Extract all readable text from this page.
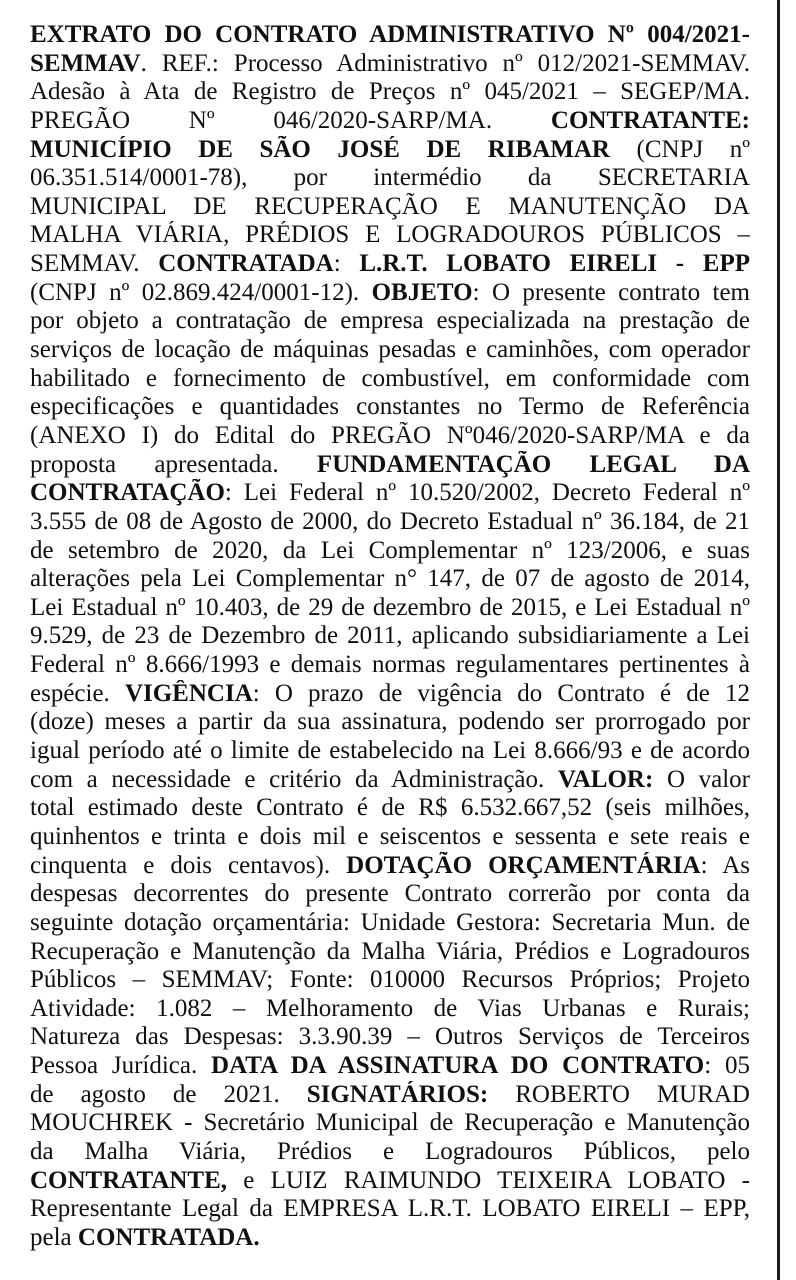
EXTRATO DO CONTRATO ADMINISTRATIVO Nº 004/2021-
SEMMAV. REF.: Processo Administrativo nº 012/2021-SEMMAV.
Adesão à Ata de Registro de Preços nº 045/2021 – SEGEP/MA.
PREGÃO Nº 046/2020-SARP/MA. CONTRATANTE:
MUNICÍPIO DE SÃO JOSÉ DE RIBAMAR (CNPJ nº
06.351.514/0001-78), por intermédio da SECRETARIA
MUNICIPAL DE RECUPERAÇÃO E MANUTENÇÃO DA
MALHA VIÁRIA, PRÉDIOS E LOGRADOUROS PÚBLICOS –
SEMMAV. CONTRATADA: L.R.T. LOBATO EIRELI - EPP
(CNPJ nº 02.869.424/0001-12). OBJETO: O presente contrato tem
por objeto a contratação de empresa especializada na prestação de
serviços de locação de máquinas pesadas e caminhões, com operador
habilitado e fornecimento de combustível, em conformidade com
especificações e quantidades constantes no Termo de Referência
(ANEXO I) do Edital do PREGÃO Nº046/2020-SARP/MA e da
proposta apresentada. FUNDAMENTAÇÃO LEGAL DA
CONTRATAÇÃO: Lei Federal nº 10.520/2002, Decreto Federal nº
3.555 de 08 de Agosto de 2000, do Decreto Estadual nº 36.184, de 21
de setembro de 2020, da Lei Complementar nº 123/2006, e suas
alterações pela Lei Complementar n° 147, de 07 de agosto de 2014,
Lei Estadual nº 10.403, de 29 de dezembro de 2015, e Lei Estadual nº
9.529, de 23 de Dezembro de 2011, aplicando subsidiariamente a Lei
Federal nº 8.666/1993 e demais normas regulamentares pertinentes à
espécie. VIGÊNCIA: O prazo de vigência do Contrato é de 12
(doze) meses a partir da sua assinatura, podendo ser prorrogado por
igual período até o limite de estabelecido na Lei 8.666/93 e de acordo
com a necessidade e critério da Administração. VALOR: O valor
total estimado deste Contrato é de R$ 6.532.667,52 (seis milhões,
quinhentos e trinta e dois mil e seiscentos e sessenta e sete reais e
cinquenta e dois centavos). DOTAÇÃO ORÇAMENTÁRIA: As
despesas decorrentes do presente Contrato correrão por conta da
seguinte dotação orçamentária: Unidade Gestora: Secretaria Mun. de
Recuperação e Manutenção da Malha Viária, Prédios e Logradouros
Públicos – SEMMAV; Fonte: 010000 Recursos Próprios; Projeto
Atividade: 1.082 – Melhoramento de Vias Urbanas e Rurais;
Natureza das Despesas: 3.3.90.39 – Outros Serviços de Terceiros
Pessoa Jurídica. DATA DA ASSINATURA DO CONTRATO: 05
de agosto de 2021. SIGNATÁRIOS: ROBERTO MURAD
MOUCHREK - Secretário Municipal de Recuperação e Manutenção
da Malha Viária, Prédios e Logradouros Públicos, pelo
CONTRATANTE, e LUIZ RAIMUNDO TEIXEIRA LOBATO -
Representante Legal da EMPRESA L.R.T. LOBATO EIRELI – EPP,
pela CONTRATADA.
